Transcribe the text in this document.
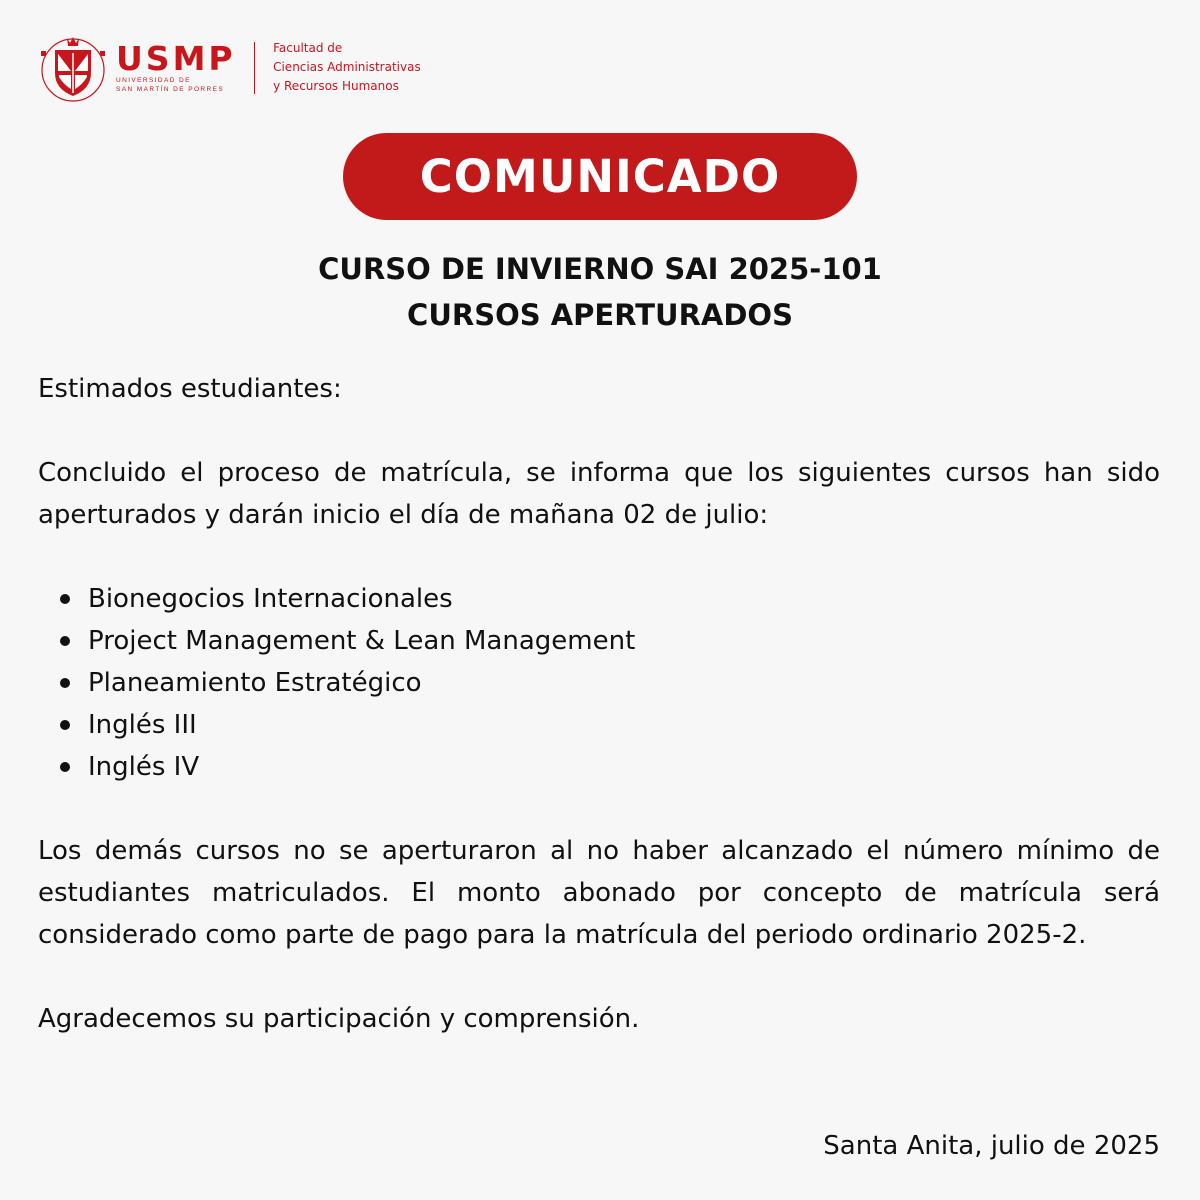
USMP
UNIVERSIDAD DE
SAN MARTÍN DE PORRES
Facultad de
Ciencias Administrativas
y Recursos Humanos
COMUNICADO
CURSO DE INVIERNO SAI 2025-101
CURSOS APERTURADOS

Estimados estudiantes:

Concluido el proceso de matrícula, se informa que los siguientes cursos han sido aperturados y darán inicio el día de mañana 02 de julio:

Bionegocios Internacionales
Project Management & Lean Management
Planeamiento Estratégico
Inglés III
Inglés IV

Los demás cursos no se aperturaron al no haber alcanzado el número mínimo de estudiantes matriculados. El monto abonado por concepto de matrícula será considerado como parte de pago para la matrícula del periodo ordinario 2025-2.

Agradecemos su participación y comprensión.

Santa Anita, julio de 2025
